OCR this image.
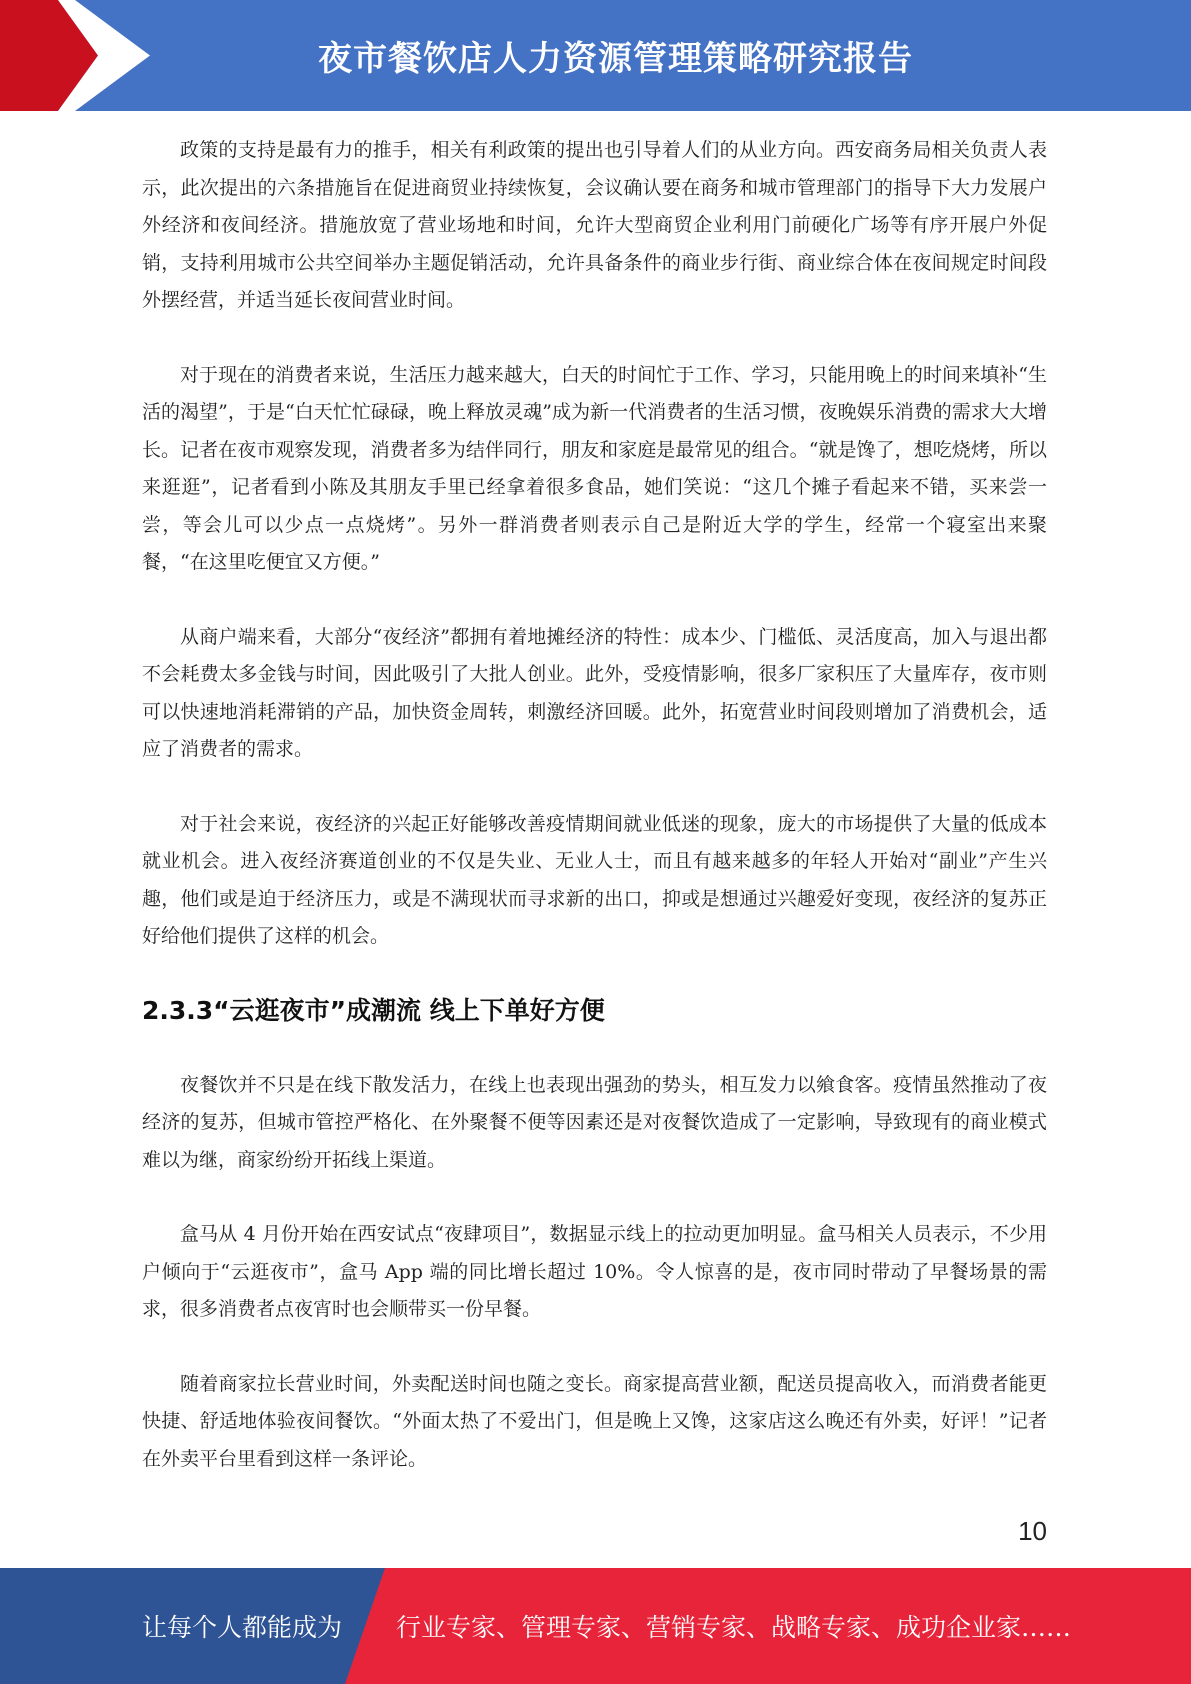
夜市餐饮店人力资源管理策略研究报告

政策的支持是最有力的推手，相关有利政策的提出也引导着人们的从业方向。西安商务局相关负责人表示，此次提出的六条措施旨在促进商贸业持续恢复，会议确认要在商务和城市管理部门的指导下大力发展户外经济和夜间经济。措施放宽了营业场地和时间，允许大型商贸企业利用门前硬化广场等有序开展户外促销，支持利用城市公共空间举办主题促销活动，允许具备条件的商业步行街、商业综合体在夜间规定时间段外摆经营，并适当延长夜间营业时间。

对于现在的消费者来说，生活压力越来越大，白天的时间忙于工作、学习，只能用晚上的时间来填补“生活的渴望”，于是“白天忙忙碌碌，晚上释放灵魂”成为新一代消费者的生活习惯，夜晚娱乐消费的需求大大增长。记者在夜市观察发现，消费者多为结伴同行，朋友和家庭是最常见的组合。“就是馋了，想吃烧烤，所以来逛逛”，记者看到小陈及其朋友手里已经拿着很多食品，她们笑说：“这几个摊子看起来不错，买来尝一尝，等会儿可以少点一点烧烤”。另外一群消费者则表示自己是附近大学的学生，经常一个寝室出来聚餐，“在这里吃便宜又方便。”

从商户端来看，大部分“夜经济”都拥有着地摊经济的特性：成本少、门槛低、灵活度高，加入与退出都不会耗费太多金钱与时间，因此吸引了大批人创业。此外，受疫情影响，很多厂家积压了大量库存，夜市则可以快速地消耗滞销的产品，加快资金周转，刺激经济回暖。此外，拓宽营业时间段则增加了消费机会，适应了消费者的需求。

对于社会来说，夜经济的兴起正好能够改善疫情期间就业低迷的现象，庞大的市场提供了大量的低成本就业机会。进入夜经济赛道创业的不仅是失业、无业人士，而且有越来越多的年轻人开始对“副业”产生兴趣，他们或是迫于经济压力，或是不满现状而寻求新的出口，抑或是想通过兴趣爱好变现，夜经济的复苏正好给他们提供了这样的机会。

2.3.3“云逛夜市”成潮流 线上下单好方便

夜餐饮并不只是在线下散发活力，在线上也表现出强劲的势头，相互发力以飨食客。疫情虽然推动了夜经济的复苏，但城市管控严格化、在外聚餐不便等因素还是对夜餐饮造成了一定影响，导致现有的商业模式难以为继，商家纷纷开拓线上渠道。

盒马从 4 月份开始在西安试点“夜肆项目”，数据显示线上的拉动更加明显。盒马相关人员表示，不少用户倾向于“云逛夜市”，盒马 App 端的同比增长超过 10%。令人惊喜的是，夜市同时带动了早餐场景的需求，很多消费者点夜宵时也会顺带买一份早餐。

随着商家拉长营业时间，外卖配送时间也随之变长。商家提高营业额，配送员提高收入，而消费者能更快捷、舒适地体验夜间餐饮。“外面太热了不爱出门，但是晚上又馋，这家店这么晚还有外卖，好评！”记者在外卖平台里看到这样一条评论。

10
让每个人都能成为 行业专家、管理专家、营销专家、战略专家、成功企业家……
